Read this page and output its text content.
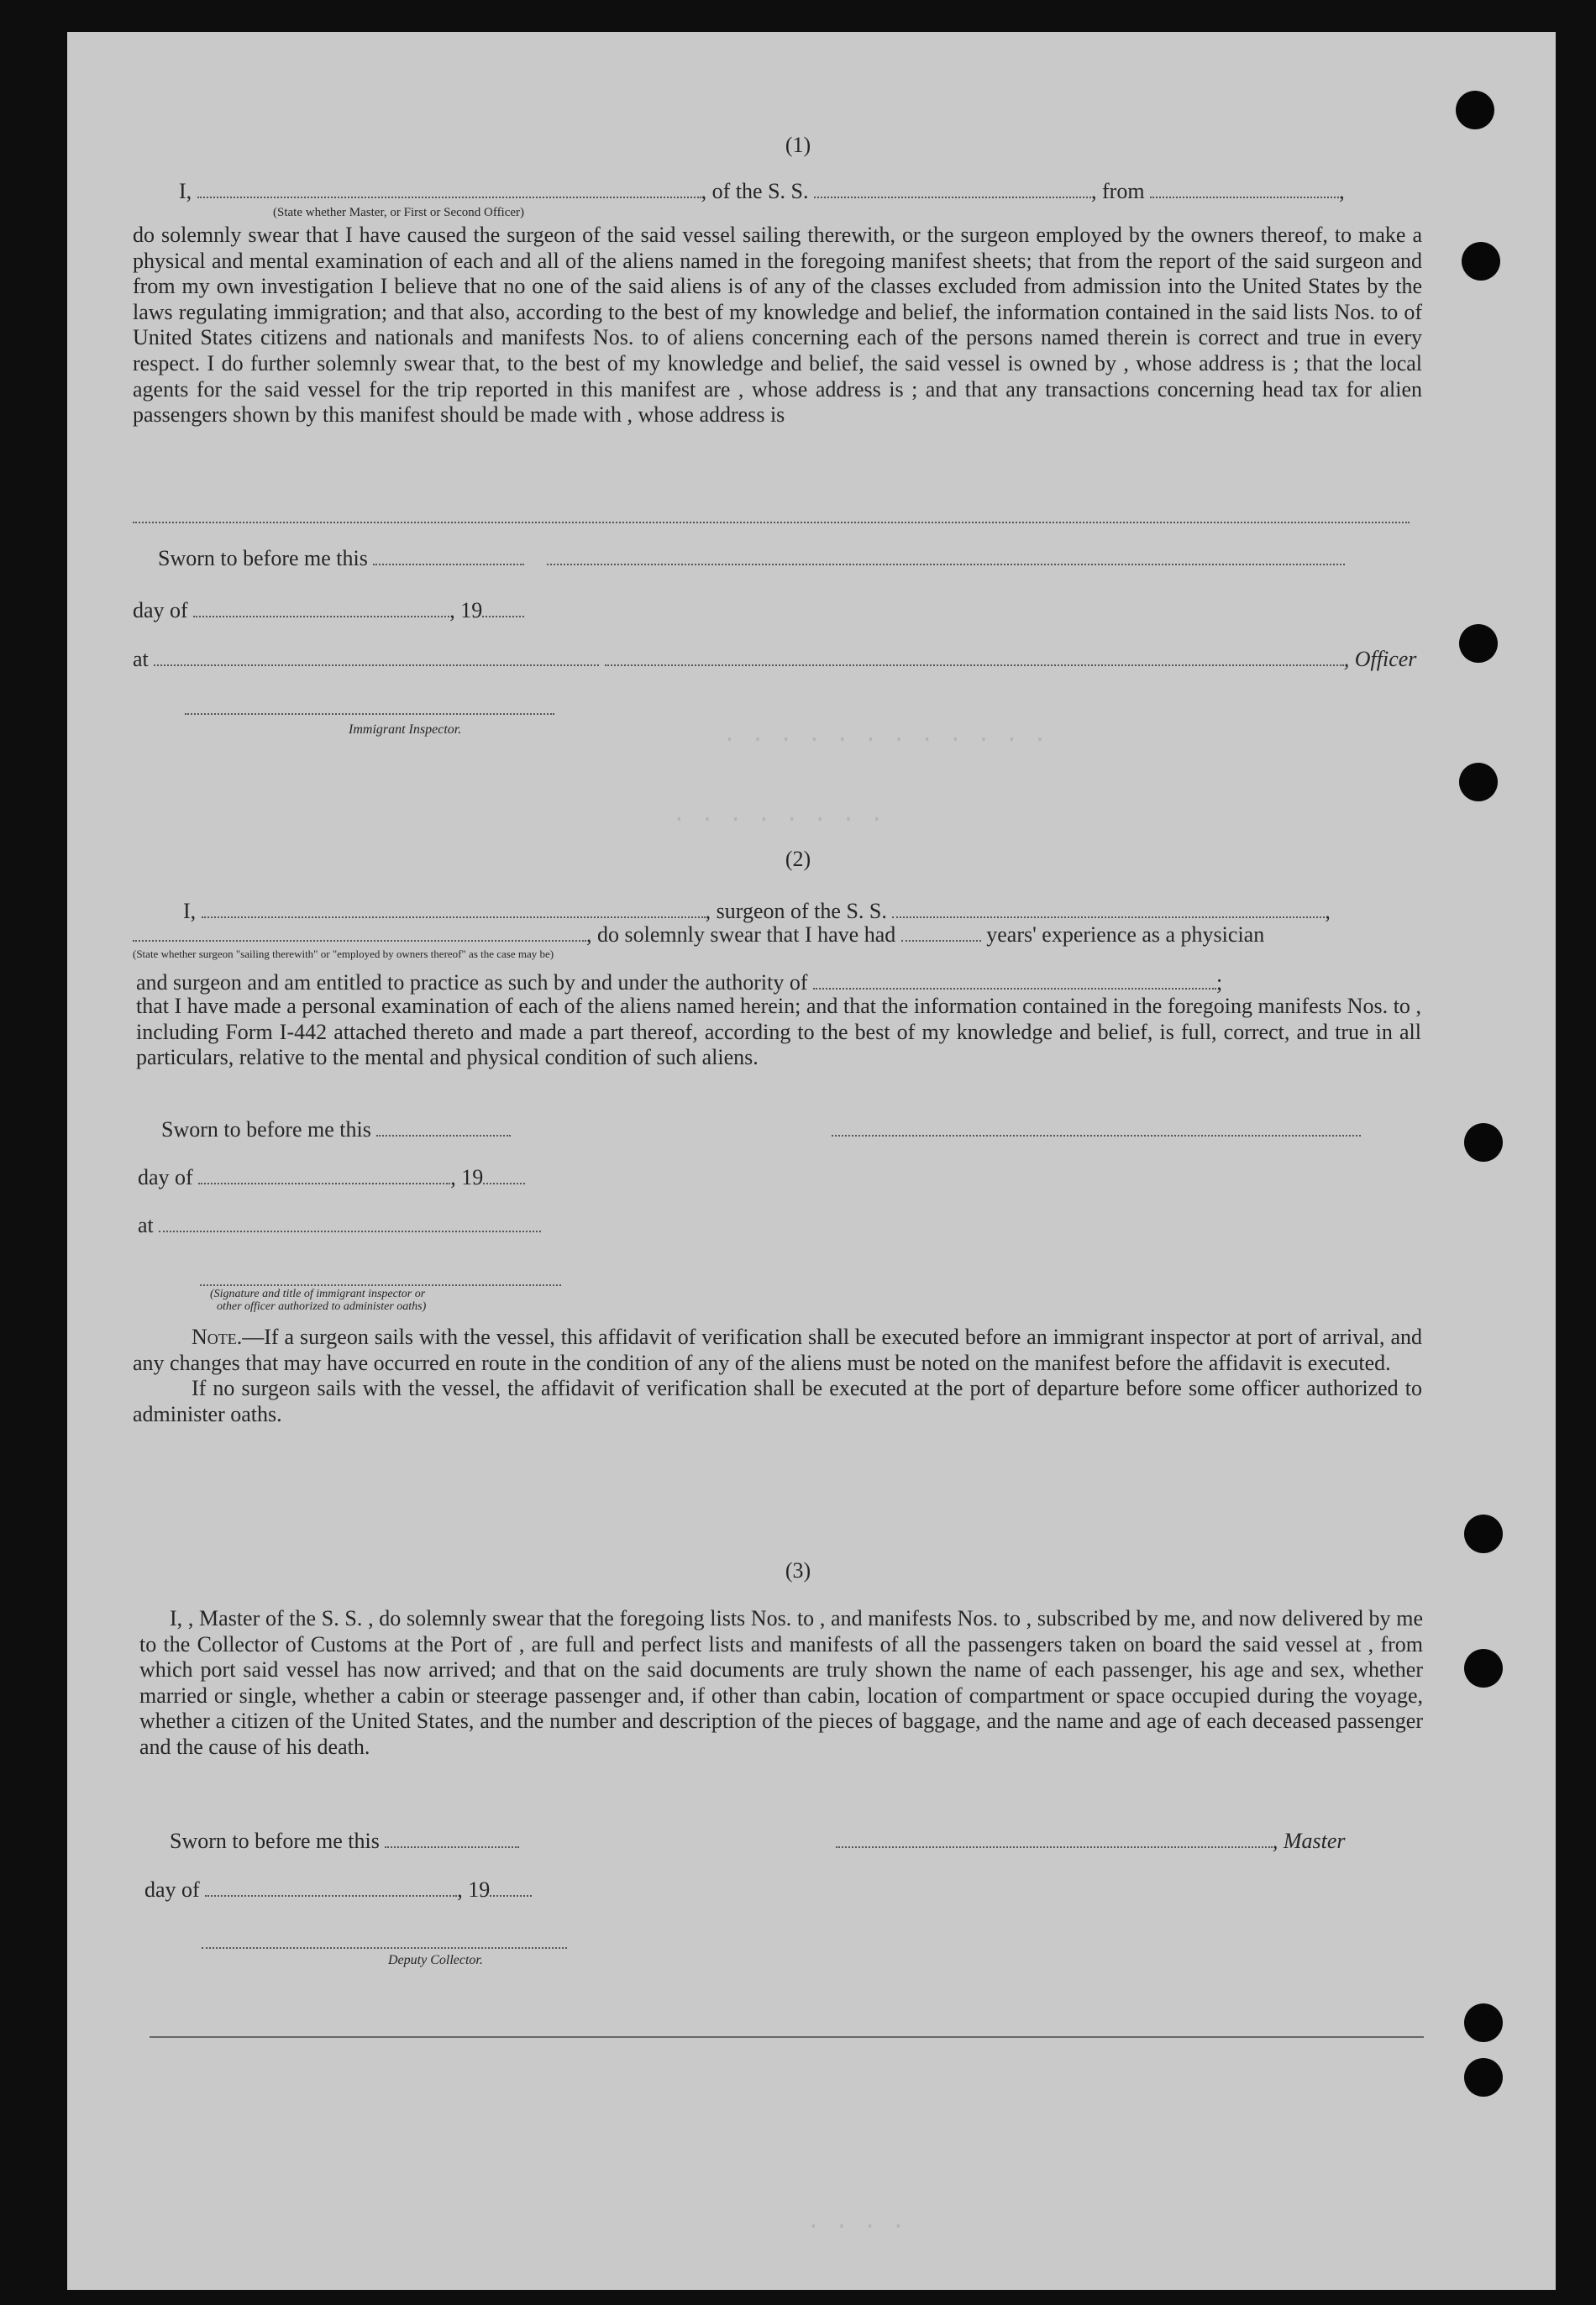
. . . . . . . . . . . .
. . . . . . . .
. . . .
(1)
I,	, of the S. S.	, from	,
(State whether Master, or First or Second Officer)

do solemnly swear that I have caused the surgeon of the said vessel sailing therewith, or the surgeon employed by the owners thereof, to make a physical and mental examination of each and all of the aliens named in the foregoing manifest sheets; that from the report of the said surgeon and from my own investigation I believe that no one of the said aliens is of any of the classes excluded from admission into the United States by the laws regulating immigration; and that also, according to the best of my knowledge and belief, the information contained in the said lists Nos. to of United States citizens and nationals and manifests Nos. to of aliens concerning each of the persons named therein is correct and true in every respect. I do further solemnly swear that, to the best of my knowledge and belief, the said vessel is owned by , whose address is ; that the local agents for the said vessel for the trip reported in this manifest are , whose address is ; and that any transactions concerning head tax for alien passengers shown by this manifest should be made with , whose address is

Sworn to before me this
day of	, 19
at	, Officer
Immigrant Inspector.
(2)
I,	, surgeon of the S. S.	,
, do solemnly swear that I have had	years' experience as a physician
(State whether surgeon "sailing therewith" or "employed by owners thereof" as the case may be)
and surgeon and am entitled to practice as such by and under the authority of	;

that I have made a personal examination of each of the aliens named herein; and that the information contained in the foregoing manifests Nos. to , including Form I-442 attached thereto and made a part thereof, according to the best of my knowledge and belief, is full, correct, and true in all particulars, relative to the mental and physical condition of such aliens.

Sworn to before me this
day of	, 19
at
(Signature and title of immigrant inspector or
other officer authorized to administer oaths)

Note.—If a surgeon sails with the vessel, this affidavit of verification shall be executed before an immigrant inspector at port of arrival, and any changes that may have occurred en route in the condition of any of the aliens must be noted on the manifest before the affidavit is executed.

If no surgeon sails with the vessel, the affidavit of verification shall be executed at the port of departure before some officer authorized to administer oaths.

(3)

I, , Master of the S. S. , do solemnly swear that the foregoing lists Nos. to , and manifests Nos. to , subscribed by me, and now delivered by me to the Collector of Customs at the Port of , are full and perfect lists and manifests of all the passengers taken on board the said vessel at , from which port said vessel has now arrived; and that on the said documents are truly shown the name of each passenger, his age and sex, whether married or single, whether a cabin or steerage passenger and, if other than cabin, location of compartment or space occupied during the voyage, whether a citizen of the United States, and the number and description of the pieces of baggage, and the name and age of each deceased passenger and the cause of his death.

Sworn to before me this	, Master
day of	, 19
Deputy Collector.
